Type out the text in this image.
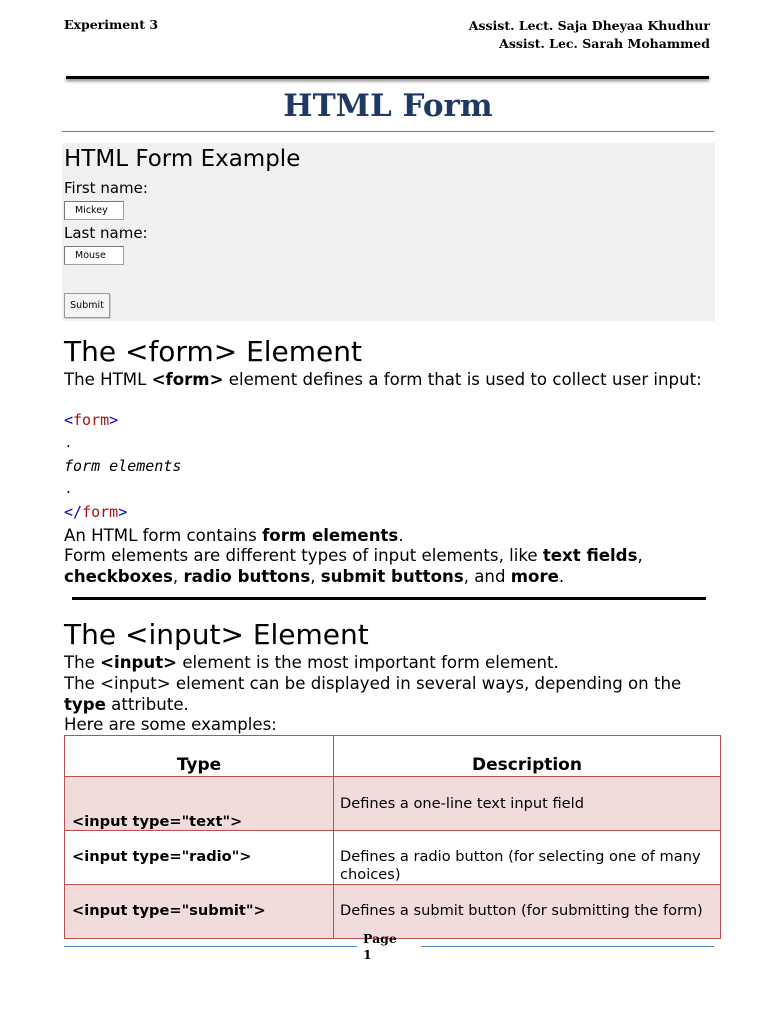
Experiment 3	Assist. Lect. Saja Dheyaa Khudhur
Assist. Lec. Sarah Mohammed
HTML Form
HTML Form Example
First name:
Mickey
Last name:
Mouse
Submit
The <form> Element
The HTML <form> element defines a form that is used to collect user input:
<form>
.
form elements
.
</form>
An HTML form contains form elements.
Form elements are different types of input elements, like text fields, checkboxes, radio buttons, submit buttons, and more.
The <input> Element
The <input> element is the most important form element.
The <input> element can be displayed in several ways, depending on the type attribute.
Here are some examples:
Type	Description

<input type="text">	Defines a one-line text input field

<input type="radio">	Defines a radio button (for selecting one of many choices)

<input type="submit">	Defines a submit button (for submitting the form)
Page
1
